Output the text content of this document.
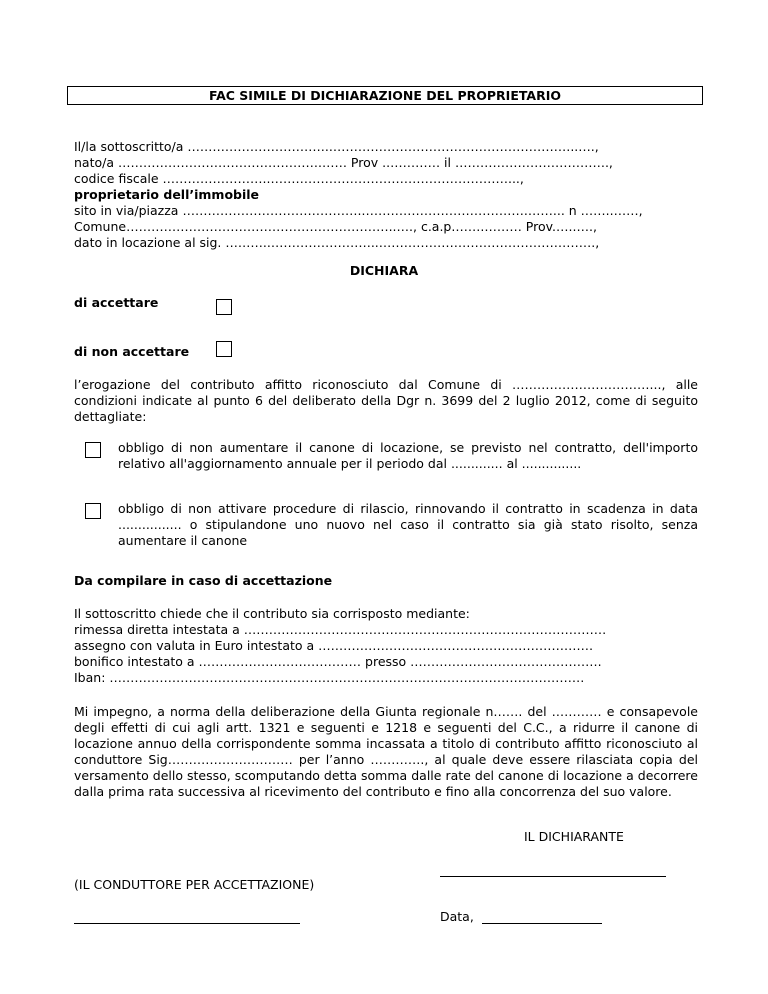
FAC SIMILE DI DICHIARAZIONE DEL PROPRIETARIO
Il/la sottoscritto/a ……………………………..…………………………………………………..….,
nato/a ………………………………………….…… Prov ..………… il ……………………………….,
codice fiscale ……………………..…………………………………………………...,
proprietario dell’immobile
sito in via/piazza …………………………………….………………………………….……... n ……..……,
Comune………………………………………………………..…., c.a.p.…….……… Prov.…..….,
dato in locazione al sig. ………..……………………..…………………………………………….,
DICHIARA
di accettare
di non accettare
l’erogazione del contributo affitto riconosciuto dal Comune di ……………………………..., alle condizioni indicate al punto 6 del deliberato della Dgr n. 3699 del 2 luglio 2012, come di seguito dettagliate:
obbligo di non aumentare il canone di locazione, se previsto nel contratto, dell'importo relativo all'aggiornamento annuale per il periodo dal ............. al ...............
obbligo di non attivare procedure di rilascio, rinnovando il contratto in scadenza in data ................ o stipulandone uno nuovo nel caso il contratto sia già stato risolto, senza aumentare il canone
Da compilare in caso di accettazione
Il sottoscritto chiede che il contributo sia corrisposto mediante:
rimessa diretta intestata a ……………………………………………………………………………
assegno con valuta in Euro intestato a …………………………………………………………
bonifico intestato a ………………………………… presso ……………………………………….
Iban: ……………………………………………………………………………………………………
Mi impegno, a norma della deliberazione della Giunta regionale n……. del ………… e consapevole degli effetti di cui agli artt. 1321 e seguenti e 1218 e seguenti del C.C., a ridurre il canone di locazione annuo della corrispondente somma incassata a titolo di contributo affitto riconosciuto al conduttore Sig………………………… per l’anno …………., al quale deve essere rilasciata copia del versamento dello stesso, scomputando detta somma dalle rate del canone di locazione a decorrere dalla prima rata successiva al ricevimento del contributo e fino alla concorrenza del suo valore.
IL DICHIARANTE
(IL CONDUTTORE PER ACCETTAZIONE)
Data,
